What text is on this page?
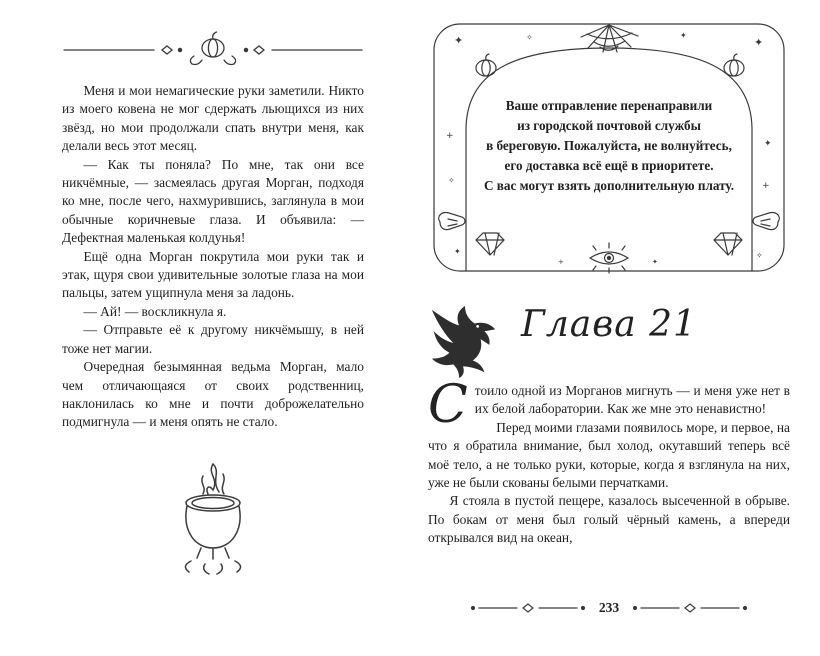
Меня и мои немагические руки заметили. Никто из моего ковена не мог сдержать льющихся из них звёзд, но мои продолжали спать внутри меня, как делали весь этот месяц.

— Как ты поняла? По мне, так они все никчёмные, — засмеялась другая Морган, подходя ко мне, после чего, нахмурившись, заглянула в мои обычные коричневые глаза. И объявила: — Дефектная маленькая колдунья!

Ещё одна Морган покрутила мои руки так и этак, щуря свои удивительные золотые глаза на мои пальцы, затем ущипнула меня за ладонь.

— Ай! — воскликнула я.

— Отправьте её к другому никчёмышу, в ней тоже нет магии.

Очередная безымянная ведьма Морган, мало чем отличающаяся от своих родственниц, наклонилась ко мне и почти доброжелательно подмигнула — и меня опять не стало.

✦	✦
✧	✦
+
✦
✧
+
✦	✧
+	✦
Ваше отправление перенаправили
из городской почтовой службы
в береговую. Пожалуйста, не волнуйтесь,
его доставка всё ещё в приоритете.
С вас могут взять дополнительную плату.
Глава 21

Стоило одной из Морганов мигнуть — и меня уже нет в их белой лаборатории. Как же мне это ненавистно!

Перед моими глазами появилось море, и первое, на что я обратила внимание, был холод, окутавший теперь всё моё тело, а не только руки, которые, когда я взглянула на них, уже не были скованы белыми перчатками.

Я стояла в пустой пещере, казалось высеченной в обрыве. По бокам от меня был голый чёрный камень, а впереди открывался вид на океан,

233
